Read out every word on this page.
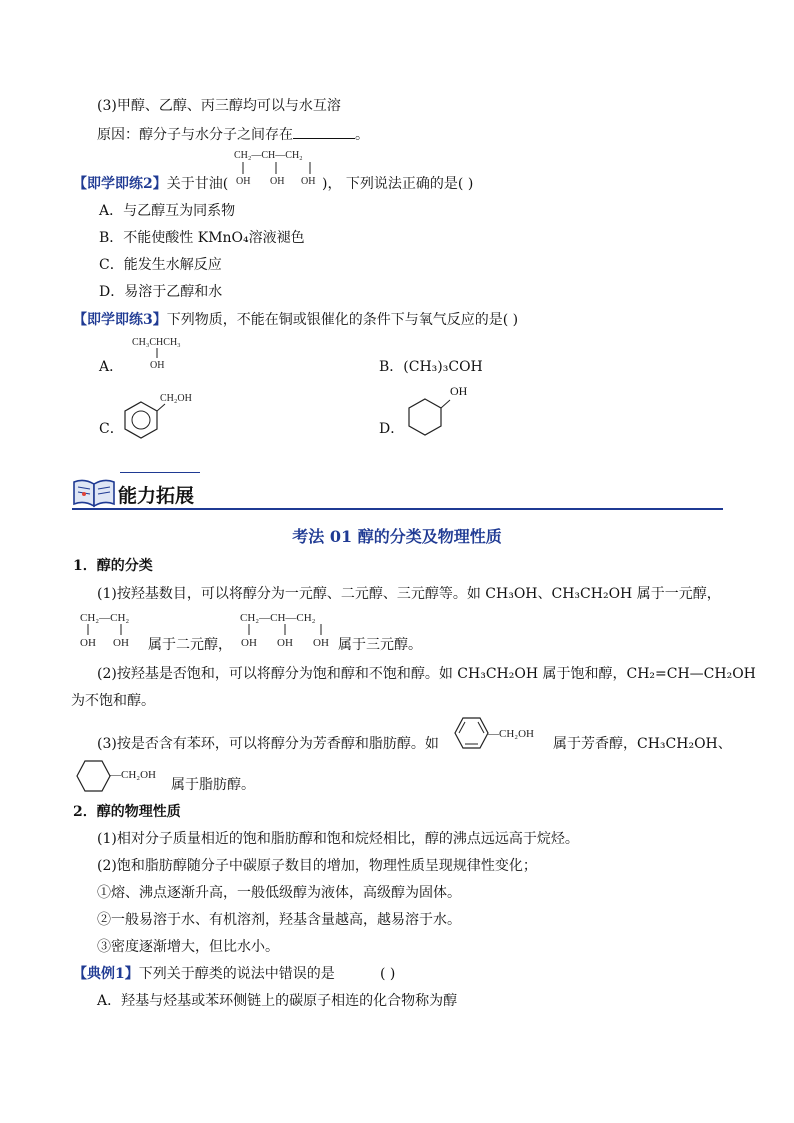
(3)甲醇、乙醇、丙三醇均可以与水互溶
原因：醇分子与水分子之间存在	。
CH₂—CH—CH₂
【即学即练2】关于甘油( OH OH OH )， 下列说法正确的是( )
A．与乙醇互为同系物
B．不能使酸性 KMnO₄溶液褪色
C．能发生水解反应
D．易溶于乙醇和水
【即学即练3】下列物质，不能在铜或银催化的条件下与氧气反应的是( )
A．
CH₃CHCH₃
OH	B．(CH₃)₃COH
C．
CH₂OH
D．
OH
能力拓展
考法 01 醇的分类及物理性质
1．醇的分类
(1)按羟基数目，可以将醇分为一元醇、二元醇、三元醇等。如 CH₃OH、CH₃CH₂OH 属于一元醇，
CH₂—CH₂
OH OH 属于二元醇，
CH₂—CH—CH₂
OH OH OH 属于三元醇。
(2)按羟基是否饱和，可以将醇分为饱和醇和不饱和醇。如 CH₃CH₂OH 属于饱和醇，CH₂=CH—CH₂OH
为不饱和醇。
(3)按是否含有苯环，可以将醇分为芳香醇和脂肪醇。如
—CH₂OH
属于芳香醇，CH₃CH₂OH、
—CH₂OH
属于脂肪醇。
2．醇的物理性质
(1)相对分子质量相近的饱和脂肪醇和饱和烷烃相比，醇的沸点远远高于烷烃。
(2)饱和脂肪醇随分子中碳原子数目的增加，物理性质呈现规律性变化；
①熔、沸点逐渐升高，一般低级醇为液体，高级醇为固体。
②一般易溶于水、有机溶剂，羟基含量越高，越易溶于水。
③密度逐渐增大，但比水小。
【典例1】下列关于醇类的说法中错误的是	( )
A．羟基与烃基或苯环侧链上的碳原子相连的化合物称为醇
